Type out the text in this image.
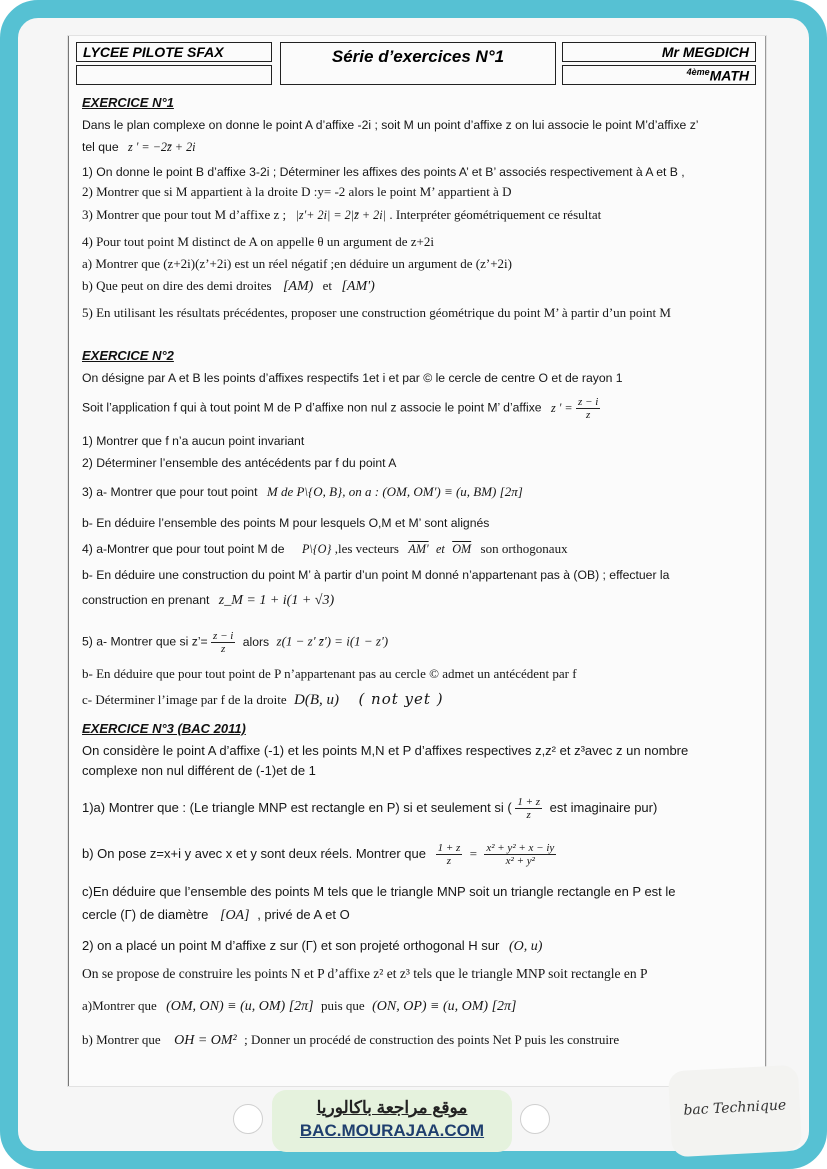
LYCEE PILOTE SFAX	Série d’exercices N°1	Mr MEGDICH
$^{4ème}$MATH
EXERCICE N°1
Dans le plan complexe on donne le point A d’affixe -2i ; soit M un point d’affixe z on lui associe le point M’d’affixe z’
tel que z ' = −2z̄ + 2i
1) On donne le point B d’affixe 3-2i ; Déterminer les affixes des points A’ et B’ associés respectivement à A et B ,
2) Montrer que si M appartient à la droite D :y= -2 alors le point M’ appartient à D
3) Montrer que pour tout M d’affixe z ; |z'+ 2i| = 2|z̄ + 2i| . Interpréter géométriquement ce résultat
4) Pour tout point M distinct de A on appelle θ un argument de z+2i
a) Montrer que (z+2i)(z’+2i) est un réel négatif ;en déduire un argument de (z’+2i)
b) Que peut on dire des demi droites [AM) et [AM')
5) En utilisant les résultats précédentes, proposer une construction géométrique du point M’ à partir d’un point M
EXERCICE N°2
On désigne par A et B les points d’affixes respectifs 1et i et par © le cercle de centre O et de rayon 1
Soit l’application f qui à tout point M de P d’affixe non nul z associe le point M’ d’affixe z ' = $\frac{z - i}{z}$
1) Montrer que f n’a aucun point invariant
2) Déterminer l’ensemble des antécédents par f du point A
3) a- Montrer que pour tout point M de P\{O, B}, on a : (OM, OM') ≡ (u, BM) [2π]
b- En déduire l’ensemble des points M pour lesquels O,M et M’ sont alignés
4) a-Montrer que pour tout point M de P\{O} ,les vecteurs AM' et $\overline{OM}$ son orthogonaux
b- En déduire une construction du point M’ à partir d’un point M donné n’appartenant pas à (OB) ; effectuer la
construction en prenant z_M = 1 + i(1 + √3)
5) a- Montrer que si z’= $\frac{z - i}{z}$ alors z(1 − z' z̄') = i(1 − z')
b- En déduire que pour tout point de P n’appartenant pas au cercle © admet un antécédent par f
c- Déterminer l’image par f de la droite D(B, u) ( not yet )
EXERCICE N°3 (BAC 2011)
On considère le point A d’affixe (-1) et les points M,N et P d’affixes respectives z,z² et z³avec z un nombre
complexe non nul différent de (-1)et de 1
1)a) Montrer que : (Le triangle MNP est rectangle en P) si et seulement si ( $\frac{1 + z}{z}$ est imaginaire pur)
b) On pose z=x+i y avec x et y sont deux réels. Montrer que $\frac{1 + z}{z} = \frac{\text{x² + y² + x − iy}}{\text{x² + y²}}$
c)En déduire que l’ensemble des points M tels que le triangle MNP soit un triangle rectangle en P est le
cercle (Γ) de diamètre [OA] , privé de A et O
2) on a placé un point M d’affixe z sur (Γ) et son projeté orthogonal H sur (O, u)
On se propose de construire les points N et P d’affixe z² et z³ tels que le triangle MNP soit rectangle en P
a)Montrer que (OM, ON) ≡ (u, OM) [2π] puis que (ON, OP) ≡ (u, OM) [2π]
b) Montrer que OH = OM² ; Donner un procédé de construction des points Net P puis les construire
موقع مراجعة باكالوريا
BAC.MOURAJAA.COM
bac Technique
